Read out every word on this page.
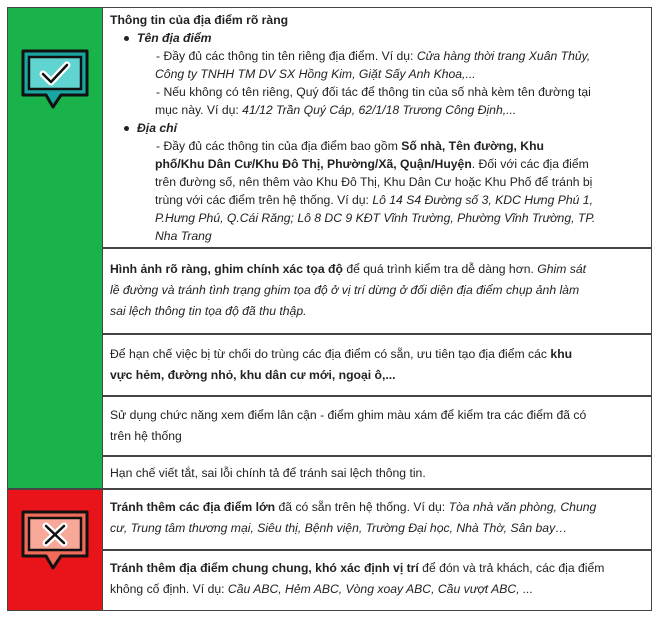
Thông tin của địa điểm rõ ràng
Tên địa điểm
- Đầy đủ các thông tin tên riêng địa điểm. Ví dụ: Cửa hàng thời trang Xuân Thủy,
Công ty TNHH TM DV SX Hồng Kim, Giặt Sấy Anh Khoa,...
- Nếu không có tên riêng, Quý đối tác để thông tin của số nhà kèm tên đường tại
mục này. Ví dụ: 41/12 Trần Quý Cáp, 62/1/18 Trương Công Định,...
Địa chỉ
- Đầy đủ các thông tin của địa điểm bao gồm Số nhà, Tên đường, Khu
phố/Khu Dân Cư/Khu Đô Thị, Phường/Xã, Quận/Huyện. Đối với các địa điểm
trên đường số, nên thêm vào Khu Đô Thị, Khu Dân Cư hoặc Khu Phố để tránh bị
trùng với các điểm trên hệ thống. Ví dụ: Lô 14 S4 Đường số 3, KDC Hưng Phú 1,
P.Hưng Phú, Q.Cái Răng; Lô 8 DC 9 KĐT Vĩnh Trường, Phường Vĩnh Trường, TP.
Nha Trang
Hình ảnh rõ ràng, ghim chính xác tọa độ để quá trình kiểm tra dễ dàng hơn. Ghim sát
lề đường và tránh tình trạng ghim tọa độ ở vị trí dừng ở đối diện địa điểm chụp ảnh làm
sai lệch thông tin tọa độ đã thu thập.
Để hạn chế việc bị từ chối do trùng các địa điểm có sẵn, ưu tiên tạo địa điểm các khu
vực hẻm, đường nhỏ, khu dân cư mới, ngoại ô,...
Sử dụng chức năng xem điểm lân cận - điểm ghim màu xám để kiểm tra các điểm đã có
trên hệ thống
Hạn chế viết tắt, sai lỗi chính tả để tránh sai lệch thông tin.
Tránh thêm các địa điểm lớn đã có sẵn trên hệ thống. Ví dụ: Tòa nhà văn phòng, Chung
cư, Trung tâm thương mại, Siêu thị, Bệnh viện, Trường Đại học, Nhà Thờ, Sân bay…
Tránh thêm địa điểm chung chung, khó xác định vị trí để đón và trả khách, các địa điểm
không cố định. Ví dụ: Cầu ABC, Hẻm ABC, Vòng xoay ABC, Cầu vượt ABC, ...
